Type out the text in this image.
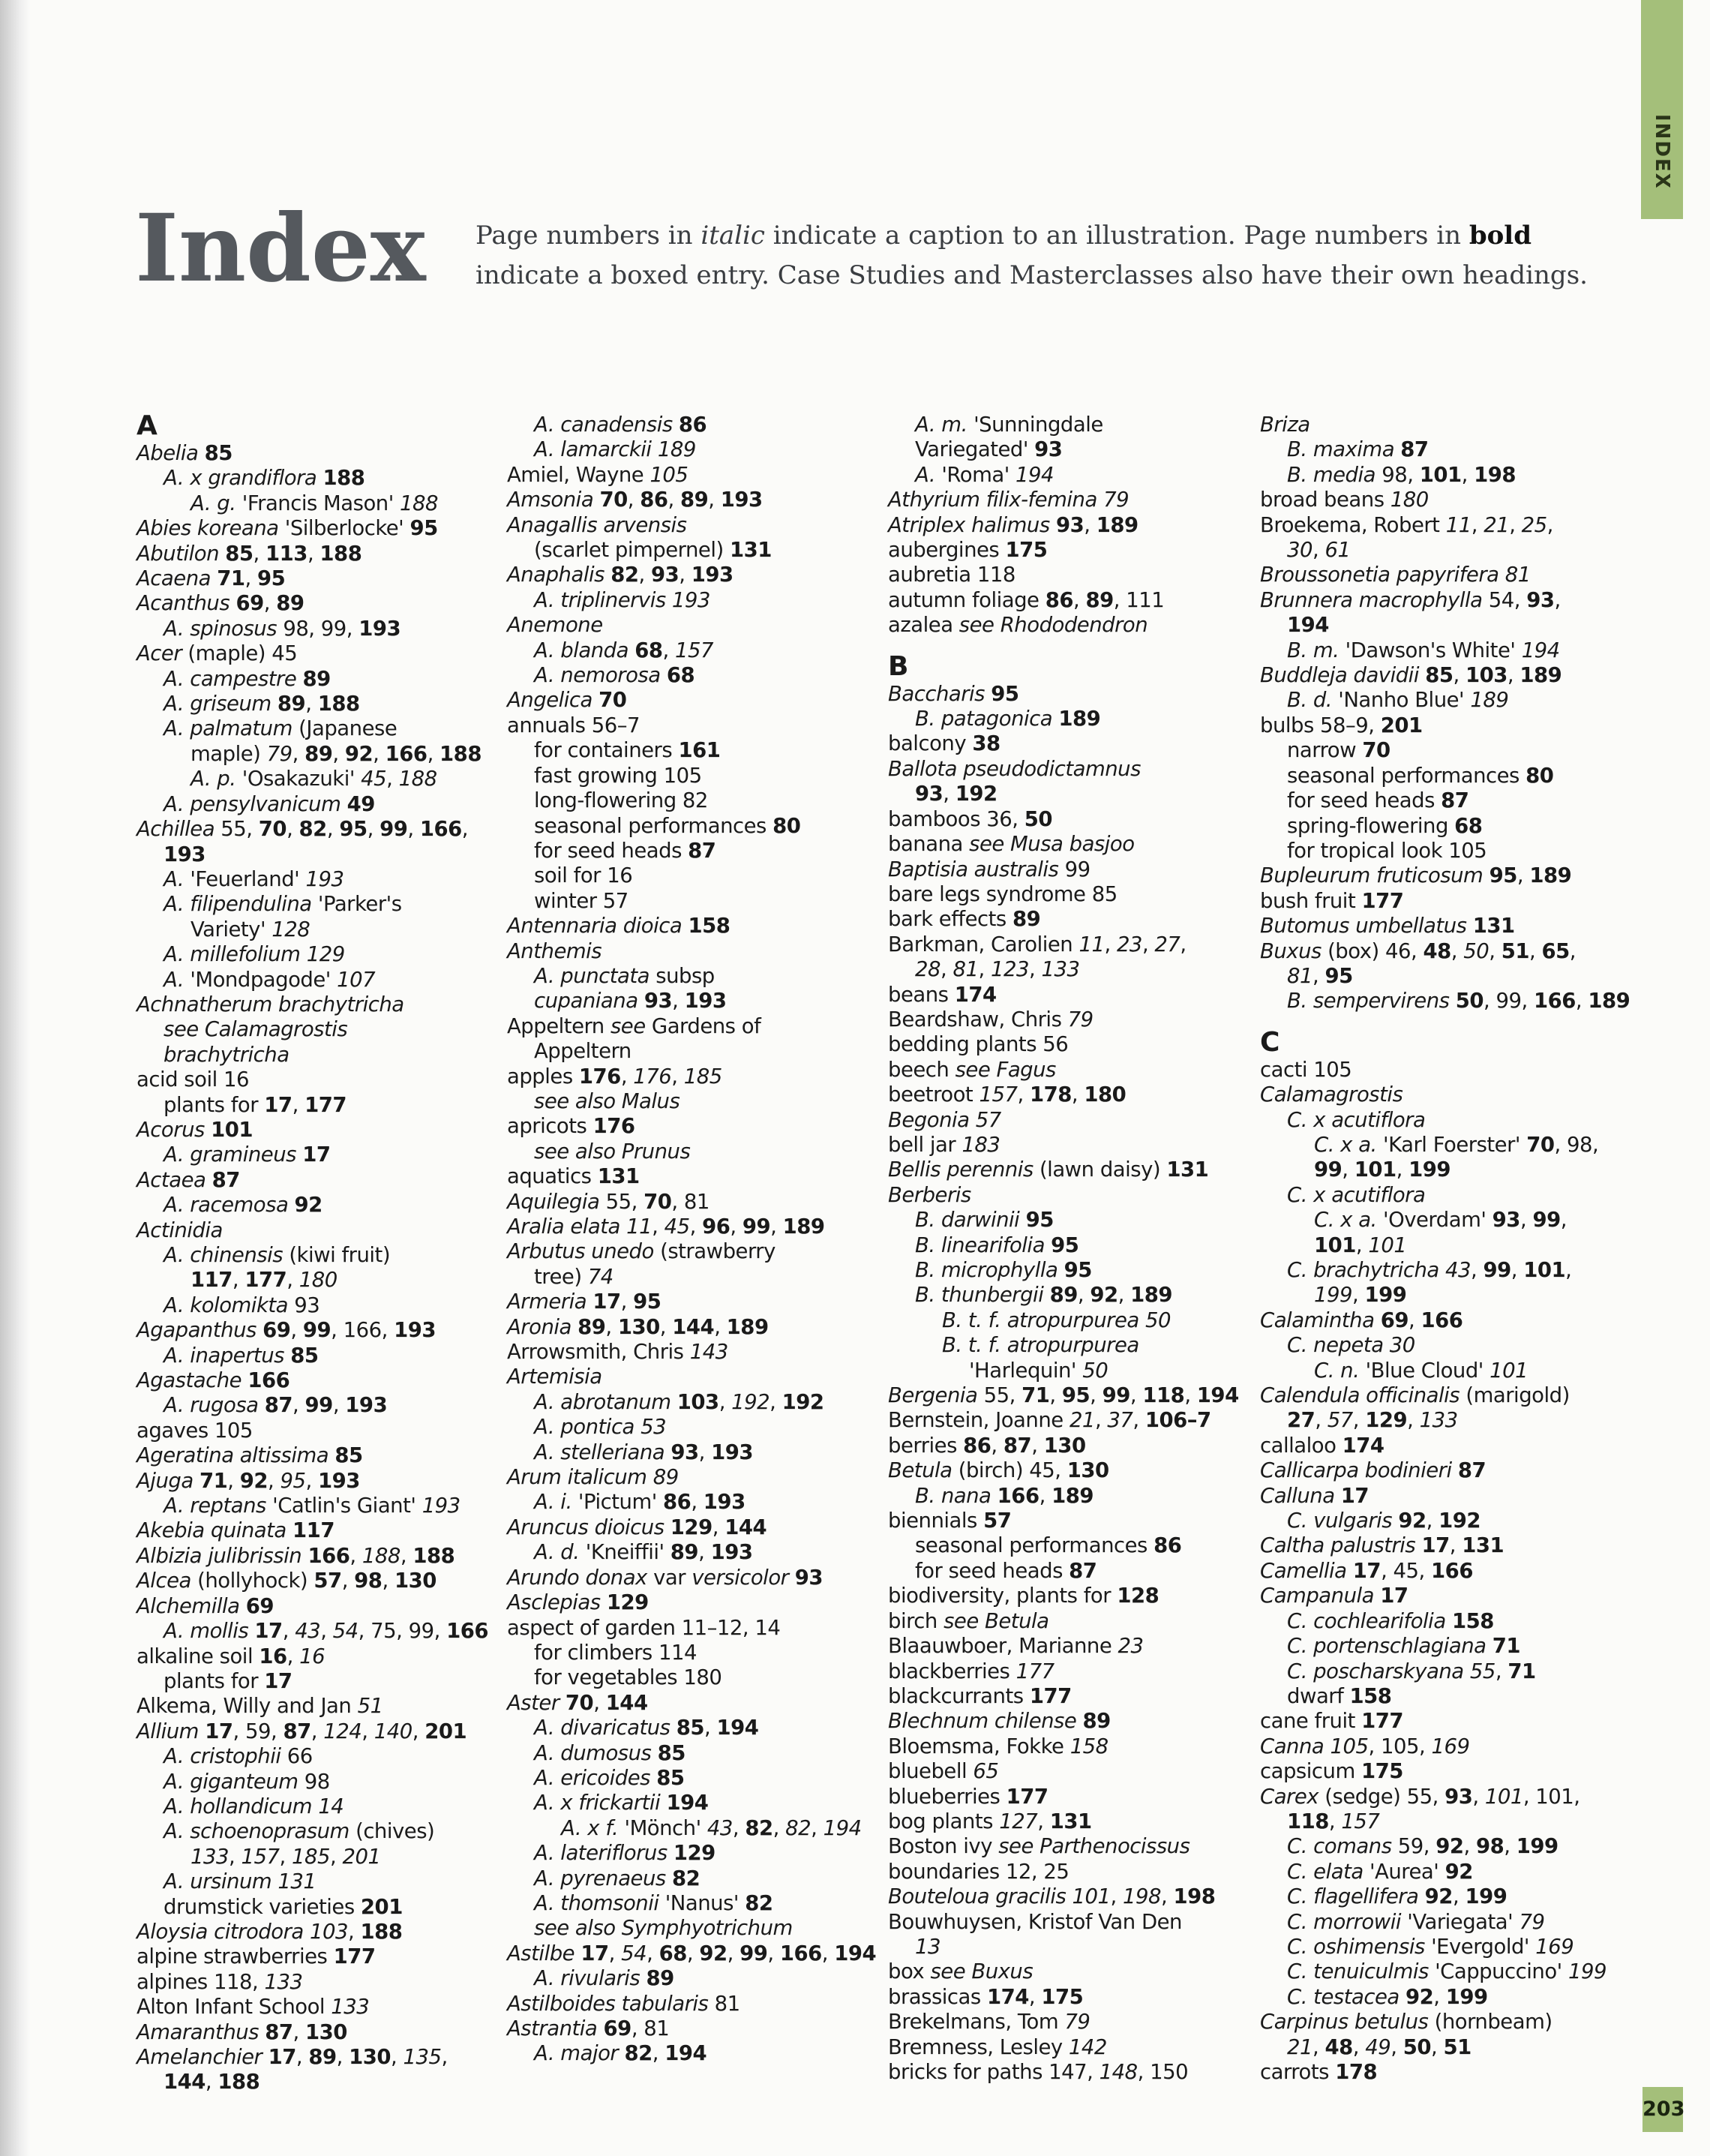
INDEX
Index Page numbers in italic indicate a caption to an illustration. Page numbers in bold indicate a boxed entry. Case Studies and Masterclasses also have their own headings.

A
Abelia 85
A. x grandiflora 188
A. g. 'Francis Mason' 188
Abies koreana 'Silberlocke' 95
Abutilon 85, 113, 188
Acaena 71, 95
Acanthus 69, 89
A. spinosus 98, 99, 193
Acer (maple) 45
A. campestre 89
A. griseum 89, 188
A. palmatum (Japanese
maple) 79, 89, 92, 166, 188
A. p. 'Osakazuki' 45, 188
A. pensylvanicum 49
Achillea 55, 70, 82, 95, 99, 166,
193
A. 'Feuerland' 193
A. filipendulina 'Parker's
Variety' 128
A. millefolium 129
A. 'Mondpagode' 107
Achnatherum brachytricha
see Calamagrostis
brachytricha
acid soil 16
plants for 17, 177
Acorus 101
A. gramineus 17
Actaea 87
A. racemosa 92
Actinidia
A. chinensis (kiwi fruit)
117, 177, 180
A. kolomikta 93
Agapanthus 69, 99, 166, 193
A. inapertus 85
Agastache 166
A. rugosa 87, 99, 193
agaves 105
Ageratina altissima 85
Ajuga 71, 92, 95, 193
A. reptans 'Catlin's Giant' 193
Akebia quinata 117
Albizia julibrissin 166, 188, 188
Alcea (hollyhock) 57, 98, 130
Alchemilla 69
A. mollis 17, 43, 54, 75, 99, 166
alkaline soil 16, 16
plants for 17
Alkema, Willy and Jan 51
Allium 17, 59, 87, 124, 140, 201
A. cristophii 66
A. giganteum 98
A. hollandicum 14
A. schoenoprasum (chives)
133, 157, 185, 201
A. ursinum 131
drumstick varieties 201
Aloysia citrodora 103, 188
alpine strawberries 177
alpines 118, 133
Alton Infant School 133
Amaranthus 87, 130
Amelanchier 17, 89, 130, 135,
144, 188
A. canadensis 86
A. lamarckii 189
Amiel, Wayne 105
Amsonia 70, 86, 89, 193
Anagallis arvensis
(scarlet pimpernel) 131
Anaphalis 82, 93, 193
A. triplinervis 193
Anemone
A. blanda 68, 157
A. nemorosa 68
Angelica 70
annuals 56–7
for containers 161
fast growing 105
long-flowering 82
seasonal performances 80
for seed heads 87
soil for 16
winter 57
Antennaria dioica 158
Anthemis
A. punctata subsp
cupaniana 93, 193
Appeltern see Gardens of
Appeltern
apples 176, 176, 185
see also Malus
apricots 176
see also Prunus
aquatics 131
Aquilegia 55, 70, 81
Aralia elata 11, 45, 96, 99, 189
Arbutus unedo (strawberry
tree) 74
Armeria 17, 95
Aronia 89, 130, 144, 189
Arrowsmith, Chris 143
Artemisia
A. abrotanum 103, 192, 192
A. pontica 53
A. stelleriana 93, 193
Arum italicum 89
A. i. 'Pictum' 86, 193
Aruncus dioicus 129, 144
A. d. 'Kneiffii' 89, 193
Arundo donax var versicolor 93
Asclepias 129
aspect of garden 11–12, 14
for climbers 114
for vegetables 180
Aster 70, 144
A. divaricatus 85, 194
A. dumosus 85
A. ericoides 85
A. x frickartii 194
A. x f. 'Mönch' 43, 82, 82, 194
A. lateriflorus 129
A. pyrenaeus 82
A. thomsonii 'Nanus' 82
see also Symphyotrichum
Astilbe 17, 54, 68, 92, 99, 166, 194
A. rivularis 89
Astilboides tabularis 81
Astrantia 69, 81
A. major 82, 194
A. m. 'Sunningdale
Variegated' 93
A. 'Roma' 194
Athyrium filix-femina 79
Atriplex halimus 93, 189
aubergines 175
aubretia 118
autumn foliage 86, 89, 111
azalea see Rhododendron
B
Baccharis 95
B. patagonica 189
balcony 38
Ballota pseudodictamnus
93, 192
bamboos 36, 50
banana see Musa basjoo
Baptisia australis 99
bare legs syndrome 85
bark effects 89
Barkman, Carolien 11, 23, 27,
28, 81, 123, 133
beans 174
Beardshaw, Chris 79
bedding plants 56
beech see Fagus
beetroot 157, 178, 180
Begonia 57
bell jar 183
Bellis perennis (lawn daisy) 131
Berberis
B. darwinii 95
B. linearifolia 95
B. microphylla 95
B. thunbergii 89, 92, 189
B. t. f. atropurpurea 50
B. t. f. atropurpurea
'Harlequin' 50
Bergenia 55, 71, 95, 99, 118, 194
Bernstein, Joanne 21, 37, 106–7
berries 86, 87, 130
Betula (birch) 45, 130
B. nana 166, 189
biennials 57
seasonal performances 86
for seed heads 87
biodiversity, plants for 128
birch see Betula
Blaauwboer, Marianne 23
blackberries 177
blackcurrants 177
Blechnum chilense 89
Bloemsma, Fokke 158
bluebell 65
blueberries 177
bog plants 127, 131
Boston ivy see Parthenocissus
boundaries 12, 25
Bouteloua gracilis 101, 198, 198
Bouwhuysen, Kristof Van Den
13
box see Buxus
brassicas 174, 175
Brekelmans, Tom 79
Bremness, Lesley 142
bricks for paths 147, 148, 150
Briza
B. maxima 87
B. media 98, 101, 198
broad beans 180
Broekema, Robert 11, 21, 25,
30, 61
Broussonetia papyrifera 81
Brunnera macrophylla 54, 93,
194
B. m. 'Dawson's White' 194
Buddleja davidii 85, 103, 189
B. d. 'Nanho Blue' 189
bulbs 58–9, 201
narrow 70
seasonal performances 80
for seed heads 87
spring-flowering 68
for tropical look 105
Bupleurum fruticosum 95, 189
bush fruit 177
Butomus umbellatus 131
Buxus (box) 46, 48, 50, 51, 65,
81, 95
B. sempervirens 50, 99, 166, 189
C
cacti 105
Calamagrostis
C. x acutiflora
C. x a. 'Karl Foerster' 70, 98,
99, 101, 199
C. x acutiflora
C. x a. 'Overdam' 93, 99,
101, 101
C. brachytricha 43, 99, 101,
199, 199
Calamintha 69, 166
C. nepeta 30
C. n. 'Blue Cloud' 101
Calendula officinalis (marigold)
27, 57, 129, 133
callaloo 174
Callicarpa bodinieri 87
Calluna 17
C. vulgaris 92, 192
Caltha palustris 17, 131
Camellia 17, 45, 166
Campanula 17
C. cochlearifolia 158
C. portenschlagiana 71
C. poscharskyana 55, 71
dwarf 158
cane fruit 177
Canna 105, 105, 169
capsicum 175
Carex (sedge) 55, 93, 101, 101,
118, 157
C. comans 59, 92, 98, 199
C. elata 'Aurea' 92
C. flagellifera 92, 199
C. morrowii 'Variegata' 79
C. oshimensis 'Evergold' 169
C. tenuiculmis 'Cappuccino' 199
C. testacea 92, 199
Carpinus betulus (hornbeam)
21, 48, 49, 50, 51
carrots 178
203
